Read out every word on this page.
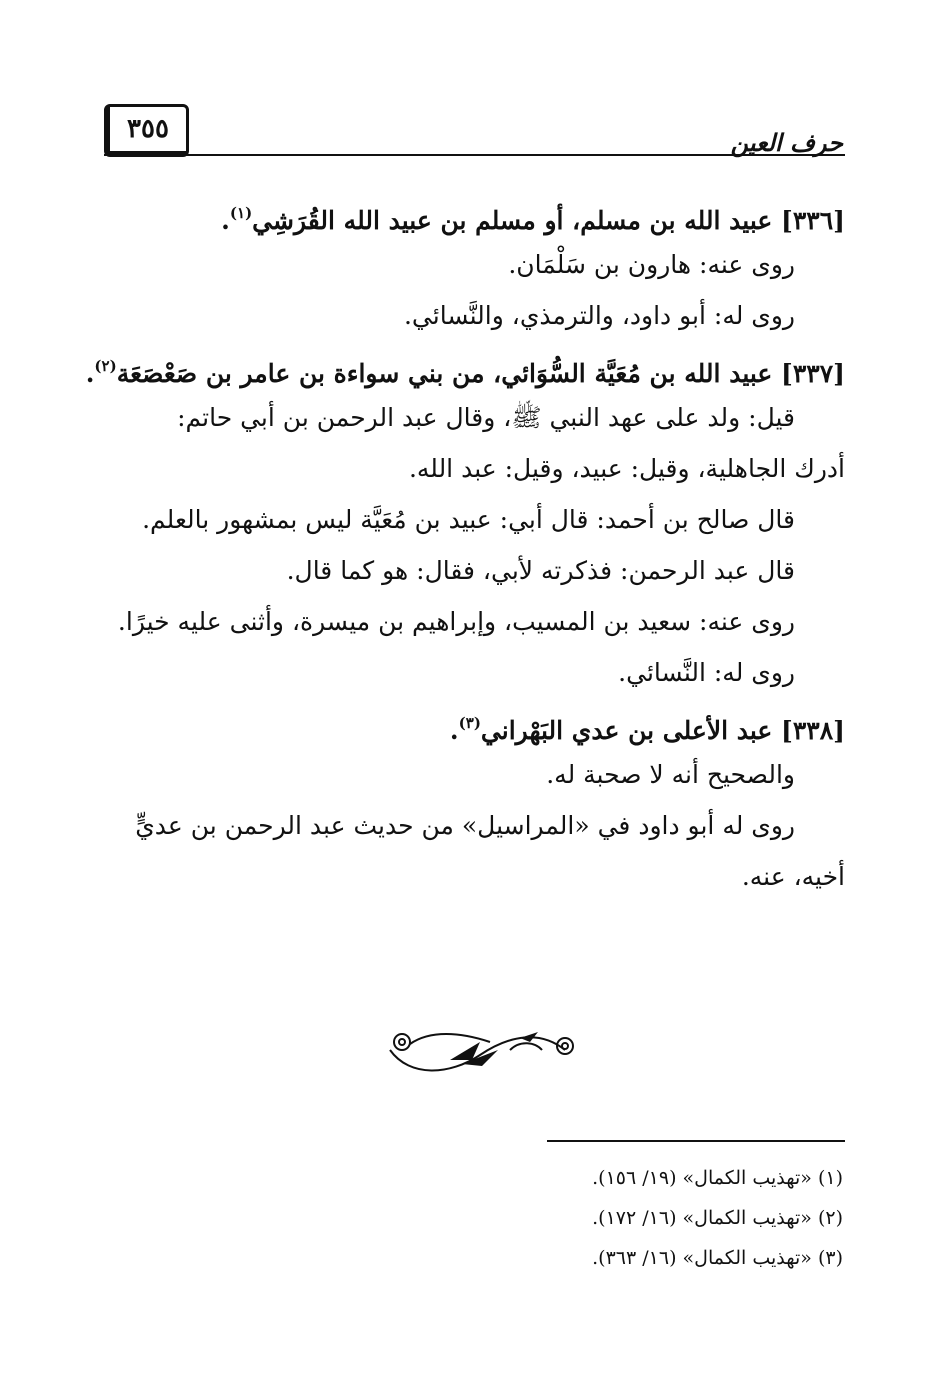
حرف العين
٣٥٥
[٣٣٦] عبيد الله بن مسلم، أو مسلم بن عبيد الله القُرَشِي$^{(١)}$.
روى عنه: هارون بن سَلْمَان.
روى له: أبو داود، والترمذي، والنَّسائي.
[٣٣٧] عبيد الله بن مُعَيَّة السُّوَائي، من بني سواءة بن عامر بن صَعْصَعَة$^{(٢)}$.
قيل: ولد على عهد النبي ﷺ، وقال عبد الرحمن بن أبي حاتم:
أدرك الجاهلية، وقيل: عبيد، وقيل: عبد الله.
قال صالح بن أحمد: قال أبي: عبيد بن مُعَيَّة ليس بمشهور بالعلم.
قال عبد الرحمن: فذكرته لأبي، فقال: هو كما قال.
روى عنه: سعيد بن المسيب، وإبراهيم بن ميسرة، وأثنى عليه خيرًا.
روى له: النَّسائي.
[٣٣٨] عبد الأعلى بن عدي البَهْراني$^{(٣)}$.
والصحيح أنه لا صحبة له.
روى له أبو داود في «المراسيل» من حديث عبد الرحمن بن عديٍّ
أخيه، عنه.
(١) «تهذيب الكمال» (١٩/ ١٥٦).
(٢) «تهذيب الكمال» (١٦/ ١٧٢).
(٣) «تهذيب الكمال» (١٦/ ٣٦٣).
